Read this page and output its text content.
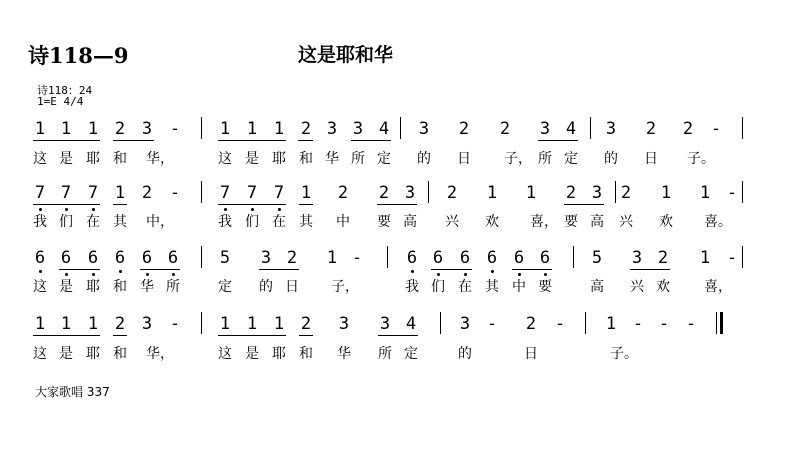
诗118—9	这是耶和华
诗118：24
1=E 4/4
1 1 1 2 3 - 1 1 1 2 3 3 4 3 2 2 3 4 3 2 2 -
这 是 耶 和 华，	这 是 耶 和 华 所 定 的 日 子， 所 定 的 日 子。
7 7 7 1 2 - 7 7 7 1 2 2 3 2 1 1 2 3 2 1 1 -
我 们 在 其 中，	我 们 在 其 中 要 高 兴 欢 喜， 要 高 兴 欢 喜。
6 6 6 6 6 6 5 3 2 1 -	6 6 6 6 6 6 5 3 2 1 -
这 是 耶 和 华 所	定 的 日 子，	我 们 在 其 中 要	高 兴 欢 喜，
1 1 1 2 3 - 1 1 1 2 3 3 4	3 - 2 - 1 - - -
这 是 耶 和 华，	这 是 耶 和 华 所 定	的	日	子。
大家歌唱 337
